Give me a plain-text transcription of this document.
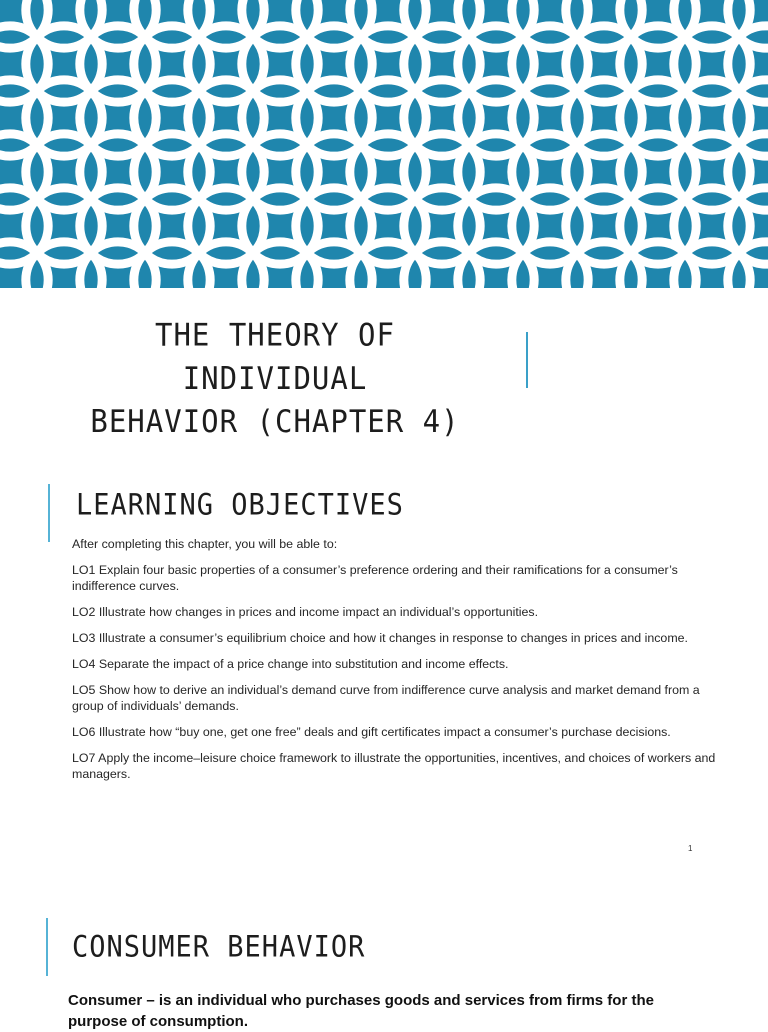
THE THEORY OF INDIVIDUAL
BEHAVIOR (CHAPTER 4)
LEARNING OBJECTIVES
After completing this chapter, you will be able to:
LO1 Explain four basic properties of a consumer’s preference ordering and their ramifications for a consumer’s indifference curves.
LO2 Illustrate how changes in prices and income impact an individual’s opportunities.
LO3 Illustrate a consumer’s equilibrium choice and how it changes in response to changes in prices and income.
LO4 Separate the impact of a price change into substitution and income effects.
LO5 Show how to derive an individual’s demand curve from indifference curve analysis and market demand from a group of individuals’ demands.
LO6 Illustrate how “buy one, get one free” deals and gift certificates impact a consumer’s purchase decisions.
LO7 Apply the income–leisure choice framework to illustrate the opportunities, incentives, and choices of workers and managers.
1
CONSUMER BEHAVIOR

Consumer – is an individual who purchases goods and services from firms for the purpose of consumption.
